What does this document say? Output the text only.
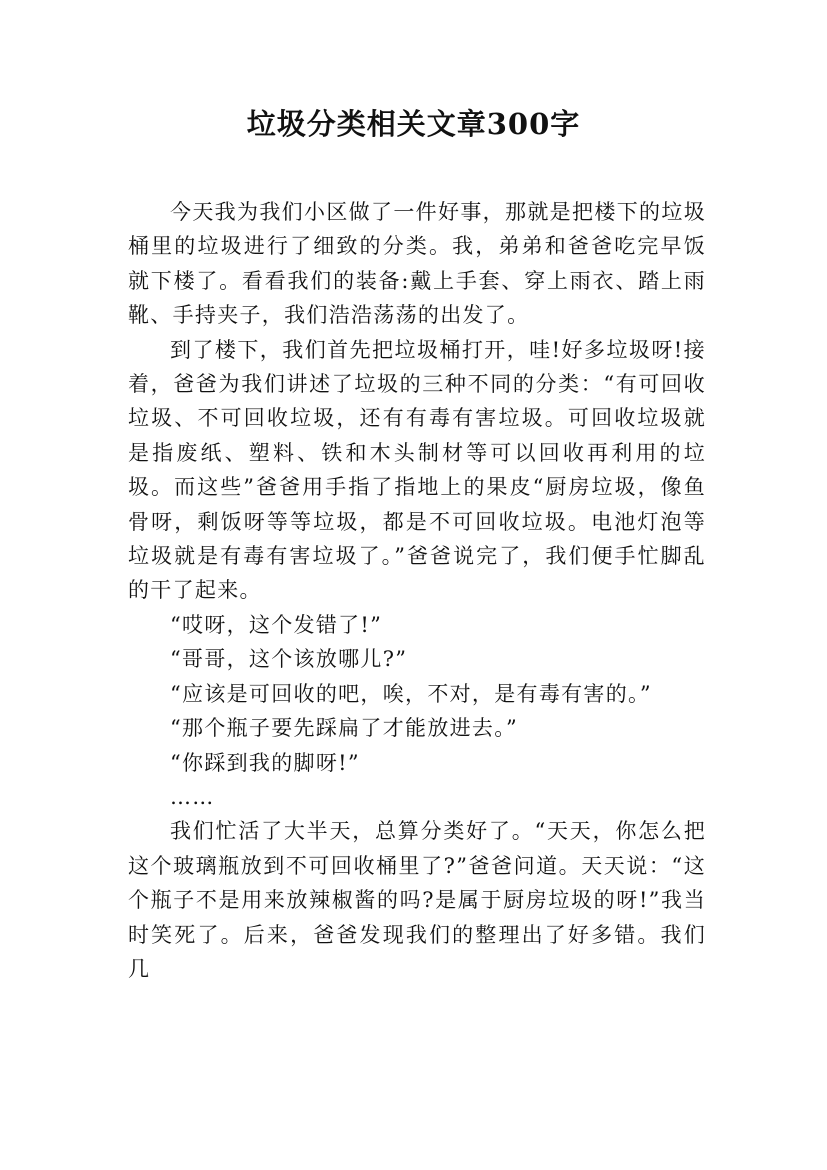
垃圾分类相关文章300字

今天我为我们小区做了一件好事，那就是把楼下的垃圾桶里的垃圾进行了细致的分类。我，弟弟和爸爸吃完早饭就下楼了。看看我们的装备:戴上手套、穿上雨衣、踏上雨靴、手持夹子，我们浩浩荡荡的出发了。

到了楼下，我们首先把垃圾桶打开，哇!好多垃圾呀!接着，爸爸为我们讲述了垃圾的三种不同的分类：“有可回收垃圾、不可回收垃圾，还有有毒有害垃圾。可回收垃圾就是指废纸、塑料、铁和木头制材等可以回收再利用的垃圾。而这些”爸爸用手指了指地上的果皮“厨房垃圾，像鱼骨呀，剩饭呀等等垃圾，都是不可回收垃圾。电池灯泡等垃圾就是有毒有害垃圾了。”爸爸说完了，我们便手忙脚乱的干了起来。

“哎呀，这个发错了!”

“哥哥，这个该放哪儿?”

“应该是可回收的吧，唉，不对，是有毒有害的。”

“那个瓶子要先踩扁了才能放进去。”

“你踩到我的脚呀!”

……

我们忙活了大半天，总算分类好了。“天天，你怎么把这个玻璃瓶放到不可回收桶里了?”爸爸问道。天天说：“这个瓶子不是用来放辣椒酱的吗?是属于厨房垃圾的呀!”我当时笑死了。后来，爸爸发现我们的整理出了好多错。我们几
